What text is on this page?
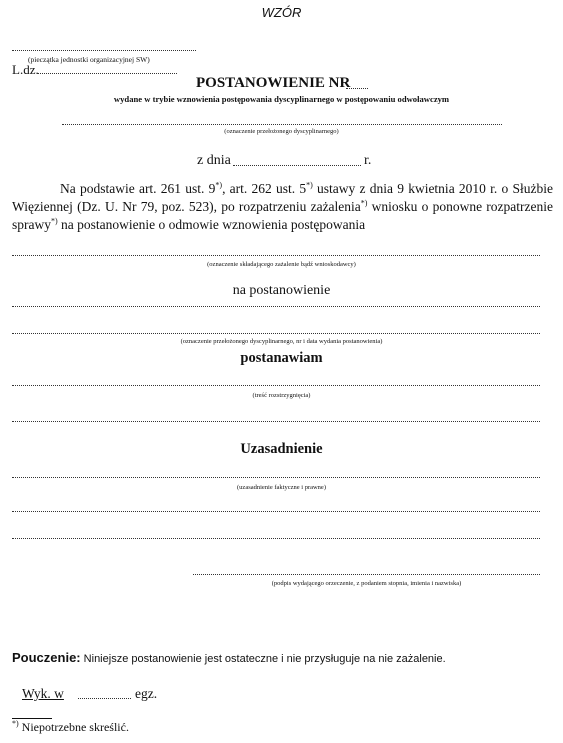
WZÓR
(pieczątka jednostki organizacyjnej SW)
L.dz.
POSTANOWIENIE NR
wydane w trybie wznowienia postępowania dyscyplinarnego w postępowaniu odwoławczym
(oznaczenie przełożonego dyscyplinarnego)
z dnia	r.
Na podstawie art. 261 ust. 9*), art. 262 ust. 5*) ustawy z dnia 9 kwietnia 2010 r. o Służbie Więziennej (Dz. U. Nr 79, poz. 523), po rozpatrzeniu zażalenia*) wniosku o ponowne rozpatrzenie sprawy*) na postanowienie o odmowie wznowienia postępowania
(oznaczenie składającego zażalenie bądź wnioskodawcy)
na postanowienie
(oznaczenie przełożonego dyscyplinarnego, nr i data wydania postanowienia)
postanawiam
(treść rozstrzygnięcia)
Uzasadnienie
(uzasadnienie faktyczne i prawne)
(podpis wydającego orzeczenie, z podaniem stopnia, imienia i nazwiska)
Pouczenie: Niniejsze postanowienie jest ostateczne i nie przysługuje na nie zażalenie.
Wyk. w	egz.
*) Niepotrzebne skreślić.
